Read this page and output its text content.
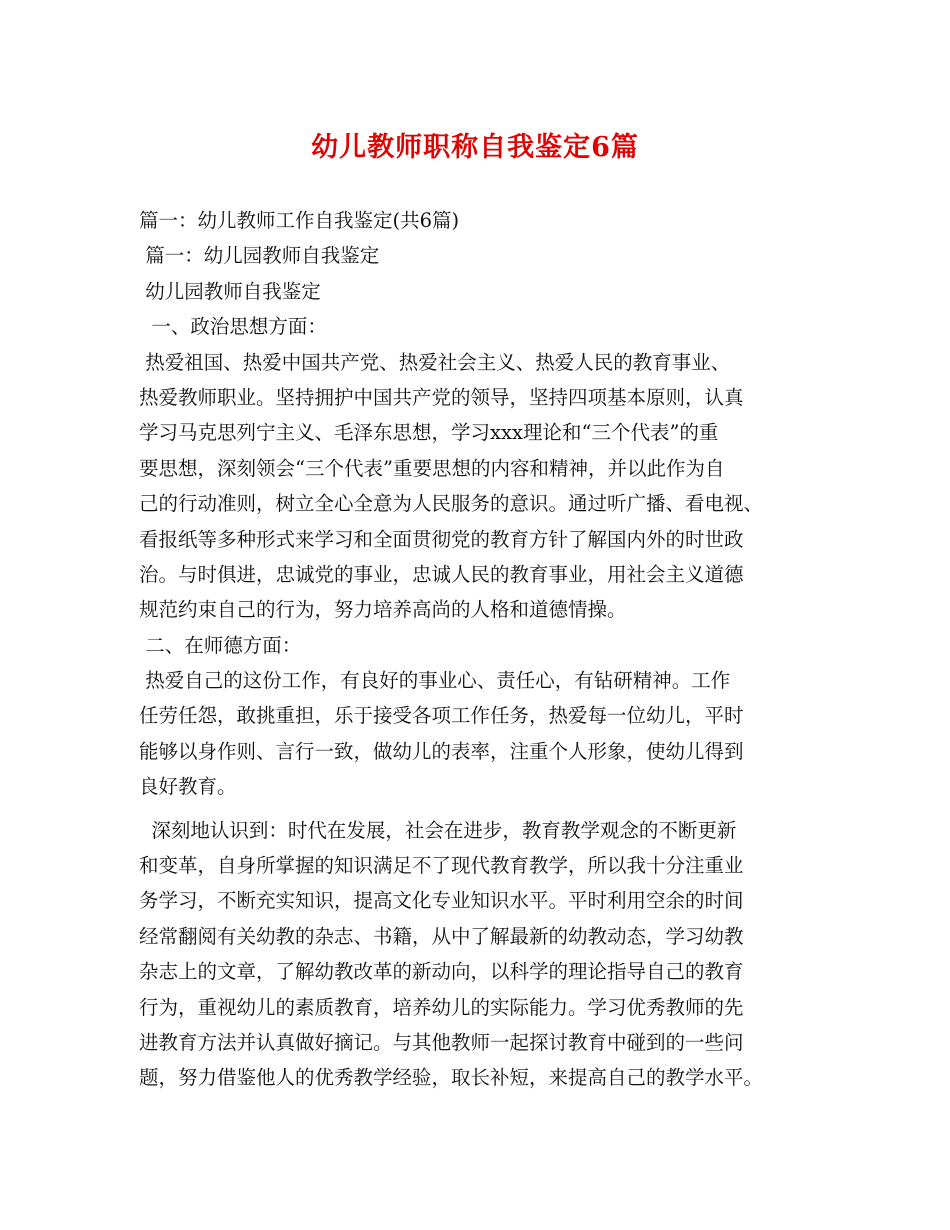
幼儿教师职称自我鉴定6篇
篇一：幼儿教师工作自我鉴定(共6篇)
篇一：幼儿园教师自我鉴定
幼儿园教师自我鉴定
一、政治思想方面：
热爱祖国、热爱中国共产党、热爱社会主义、热爱人民的教育事业、
热爱教师职业。坚持拥护中国共产党的领导，坚持四项基本原则，认真
学习马克思列宁主义、毛泽东思想，学习xxx理论和“三个代表”的重
要思想，深刻领会“三个代表”重要思想的内容和精神，并以此作为自
己的行动准则，树立全心全意为人民服务的意识。通过听广播、看电视、
看报纸等多种形式来学习和全面贯彻党的教育方针了解国内外的时世政
治。与时俱进，忠诚党的事业，忠诚人民的教育事业，用社会主义道德
规范约束自己的行为，努力培养高尚的人格和道德情操。
二、在师德方面：
热爱自己的这份工作，有良好的事业心、责任心，有钻研精神。工作
任劳任怨，敢挑重担，乐于接受各项工作任务，热爱每一位幼儿，平时
能够以身作则、言行一致，做幼儿的表率，注重个人形象，使幼儿得到
良好教育。
深刻地认识到：时代在发展，社会在进步，教育教学观念的不断更新
和变革，自身所掌握的知识满足不了现代教育教学，所以我十分注重业
务学习，不断充实知识，提高文化专业知识水平。平时利用空余的时间
经常翻阅有关幼教的杂志、书籍，从中了解最新的幼教动态，学习幼教
杂志上的文章，了解幼教改革的新动向，以科学的理论指导自己的教育
行为，重视幼儿的素质教育，培养幼儿的实际能力。学习优秀教师的先
进教育方法并认真做好摘记。与其他教师一起探讨教育中碰到的一些问
题，努力借鉴他人的优秀教学经验，取长补短，来提高自己的教学水平。
